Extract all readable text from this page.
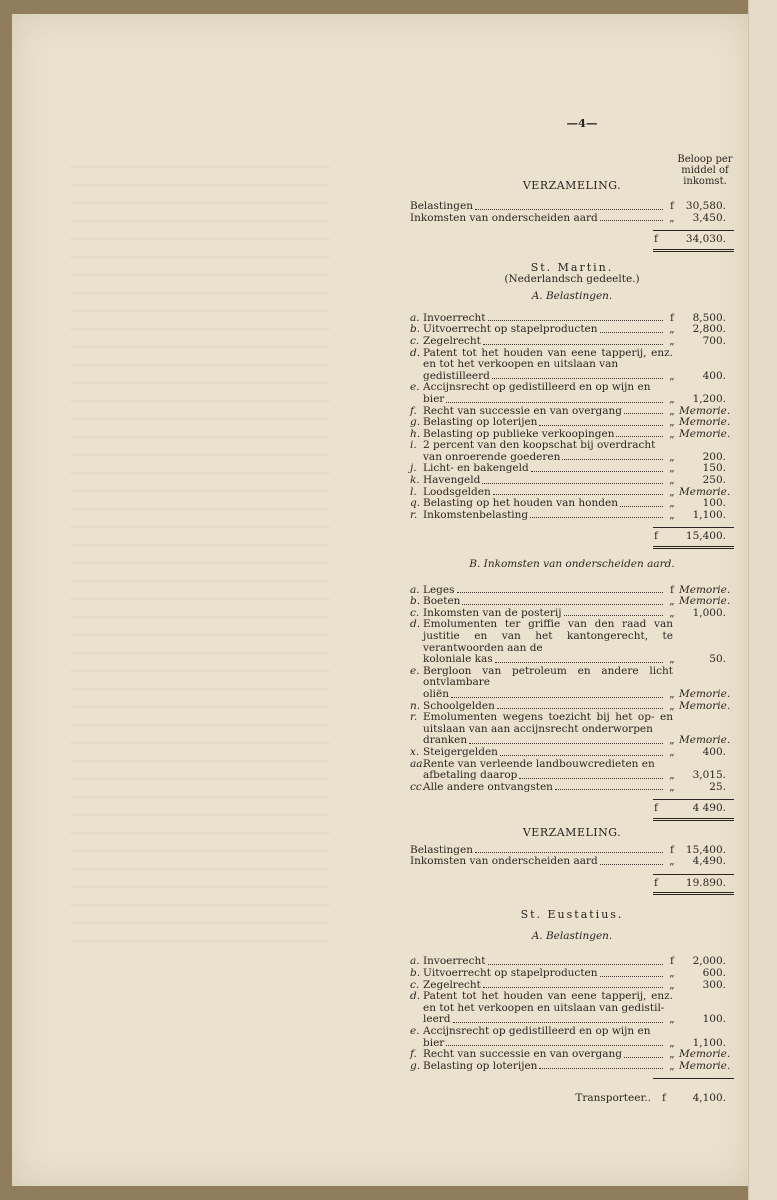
—4—
Beloop per middel of inkomst.
VERZAMELING.
Belastingen	f	30,580.
Inkomsten van onderscheiden aard	„	3,450.
f	34,030.
St. Martin.
(Nederlandsch gedeelte.)
A. Belastingen.
a. Invoerrecht	f	8,500.
b. Uitvoerrecht op stapelproducten	„	2,800.
c. Zegelrecht	„	700.
d. Patent tot het houden van eene tapperij, enz. en tot het verkoopen en uitslaan van
gedistilleerd	„	400.
e. Accijnsrecht op gedistilleerd en op wijn en
bier	„	1,200.
f. Recht van successie en van overgang	„ Memorie.
g. Belasting op loterijen	„ Memorie.
h. Belasting op publieke verkoopingen	„ Memorie.
i. 2 percent van den koopschat bij overdracht
van onroerende goederen	„	200.
j. Licht- en bakengeld	„	150.
k. Havengeld	„	250.
l. Loodsgelden	„ Memorie.
q. Belasting op het houden van honden	„	100.
r. Inkomstenbelasting	„	1,100.
f	15,400.
B. Inkomsten van onderscheiden aard.
a. Leges	f Memorie.
b. Boeten	„ Memorie.
c. Inkomsten van de posterij	„	1,000.
d. Emolumenten ter griffie van den raad van justitie en van het kantongerecht, te verantwoorden aan de
koloniale kas	„	50.
e. Bergloon van petroleum en andere licht ontvlambare
oliën	„ Memorie.
n. Schoolgelden	„ Memorie.
r. Emolumenten wegens toezicht bij het op- en uitslaan van aan accijnsrecht onderworpen
dranken	„ Memorie.
x. Steigergelden	„	400.
aa.
Rente van verleende landbouwcredieten en
afbetaling daarop	„	3,015.
cc.
Alle andere ontvangsten	„	25.
f	4 490.
VERZAMELING.
Belastingen	f	15,400.
Inkomsten van onderscheiden aard	„	4,490.
f	19.890.
St. Eustatius.
A. Belastingen.
a. Invoerrecht	f	2,000.
b. Uitvoerrecht op stapelproducten	„	600.
c. Zegelrecht	„	300.
d. Patent tot het houden van eene tapperij, enz. en tot het verkoopen en uitslaan van gedistil-
leerd	„	100.
e. Accijnsrecht op gedistilleerd en op wijn en
bier	„	1,100.
f. Recht van successie en van overgang	„ Memorie.
g. Belasting op loterijen	„ Memorie.
Transporteer..	f	4,100.
